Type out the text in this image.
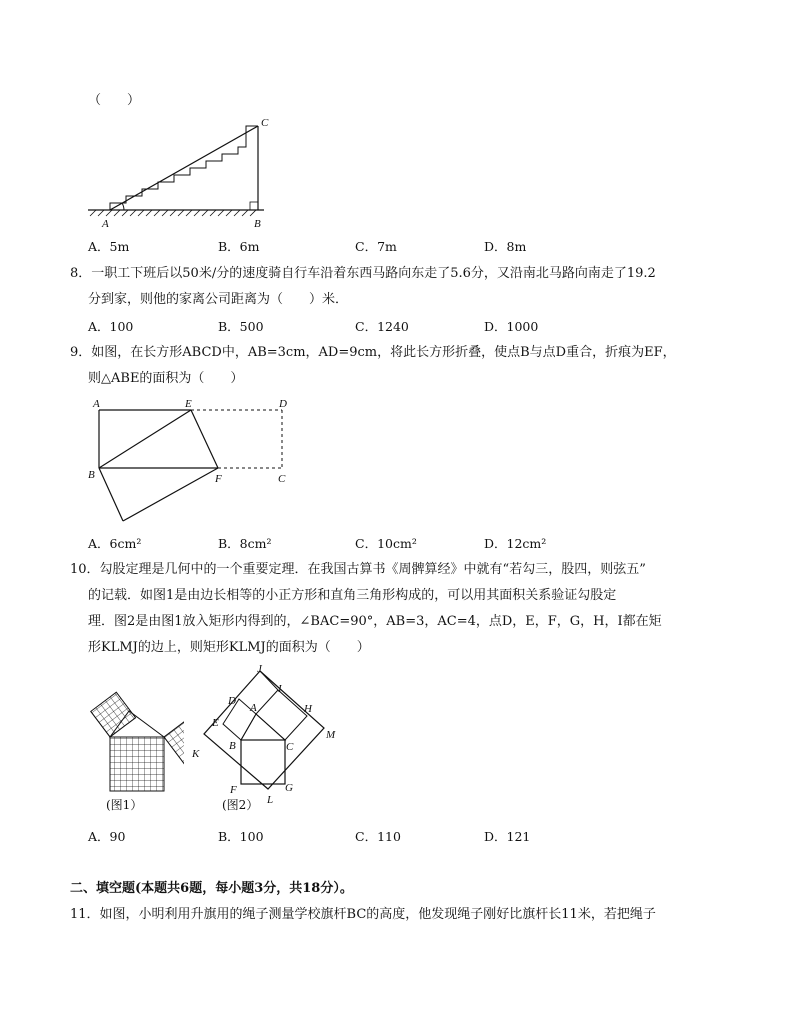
（　　）
A	B
C
A．5m	B．6m	C．7m	D．8m
8．一职工下班后以50米/分的速度骑自行车沿着东西马路向东走了5.6分，又沿南北马路向南走了19.2
分到家，则他的家离公司距离为（　　）米．
A．100	B．500	C．1240	D．1000
9．如图，在长方形ABCD中，AB=3cm，AD=9cm，将此长方形折叠，使点B与点D重合，折痕为EF，
则△ABE的面积为（　　）
A	E	D
B	F	C
A．6cm²	B．8cm²	C．10cm²	D．12cm²
10．勾股定理是几何中的一个重要定理．在我国古算书《周髀算经》中就有“若勾三，股四，则弦五”
的记载．如图1是由边长相等的小正方形和直角三角形构成的，可以用其面积关系验证勾股定
理．图2是由图1放入矩形内得到的，∠BAC=90°，AB=3，AC=4，点D，E，F，G，H，I都在矩
形KLMJ的边上，则矩形KLMJ的面积为（　　）
(图1）
J
I
D
A	H
E
M
B	C
K
F	G
L
(图2）
A．90	B．100	C．110	D．121
二、填空题(本题共6题，每小题3分，共18分）。
11．如图，小明利用升旗用的绳子测量学校旗杆BC的高度，他发现绳子刚好比旗杆长11米，若把绳子
